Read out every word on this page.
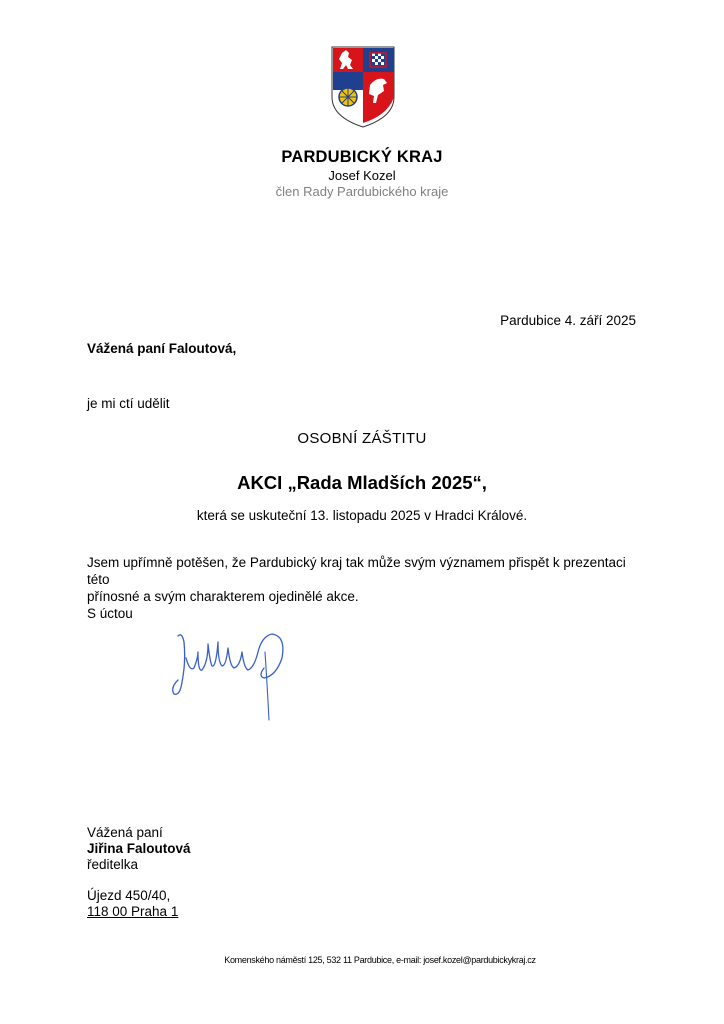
PARDUBICKÝ KRAJ
Josef Kozel
člen Rady Pardubického kraje
Pardubice 4. září 2025
Vážená paní Faloutová,
je mi ctí udělit
OSOBNÍ ZÁŠTITU
AKCI „Rada Mladších 2025“,
která se uskuteční 13. listopadu 2025 v Hradci Králové.
Jsem upřímně potěšen, že Pardubický kraj tak může svým významem přispět k prezentaci této
přínosné a svým charakterem ojedinělé akce.
S úctou
Vážená paní
Jiřina Faloutová
ředitelka
Újezd 450/40,
118 00 Praha 1
Komenského náměstí 125, 532 11 Pardubice, e-mail: josef.kozel@pardubickykraj.cz
